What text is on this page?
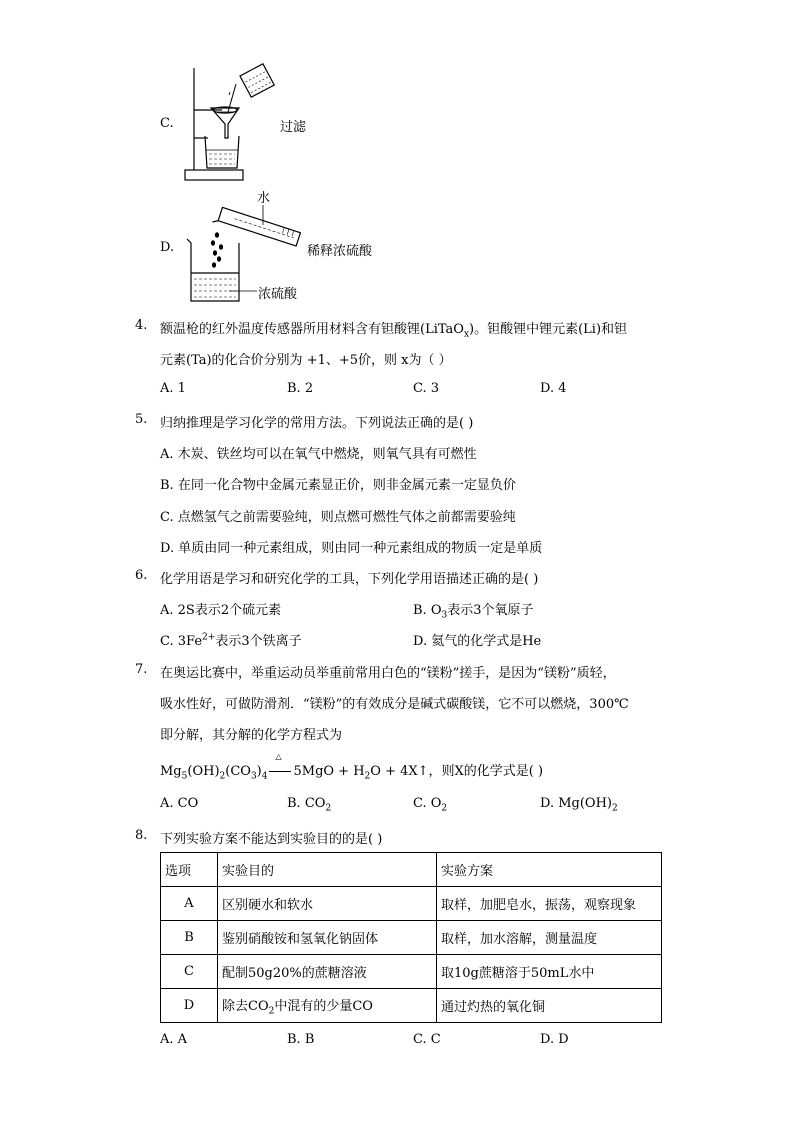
C.	过滤
D.
水
稀释浓硫酸
浓硫酸
4. 额温枪的红外温度传感器所用材料含有钽酸锂(LiTaO$_x$)。钽酸锂中锂元素(Li)和钽
元素(Ta)的化合价分别为 +1、+5价，则 x为（ ）
A. 1	B. 2	C. 3	D. 4
5. 归纳推理是学习化学的常用方法。下列说法正确的是( )
A. 木炭、铁丝均可以在氧气中燃烧，则氧气具有可燃性
B. 在同一化合物中金属元素显正价，则非金属元素一定显负价
C. 点燃氢气之前需要验纯，则点燃可燃性气体之前都需要验纯
D. 单质由同一种元素组成，则由同一种元素组成的物质一定是单质
6. 化学用语是学习和研究化学的工具，下列化学用语描述正确的是( )
A. 2S表示2个硫元素	B. $O_3$表示3个氧原子
C. $3Fe^{2+}$表示3个铁离子	D. 氦气的化学式是He
7. 在奥运比赛中，举重运动员举重前常用白色的“镁粉”搓手，是因为“镁粉”质轻，
吸水性好，可做防滑剂．“镁粉”的有效成分是碱式碳酸镁，它不可以燃烧，300℃
即分解，其分解的化学方程式为
$Mg_5(OH)_2(CO_3)_4$
△
$5MgO + H_2O$ + 4X↑，则X的化学式是( )
A. CO	B. $CO_2$	C. $O_2$	D. $Mg(OH)_2$
8. 下列实验方案不能达到实验目的的是( )
选项	实验目的	实验方案
A	区别硬水和软水	取样，加肥皂水，振荡，观察现象
B	鉴别硝酸铵和氢氧化钠固体	取样，加水溶解，测量温度
C	配制50g20%的蔗糖溶液	取10g蔗糖溶于50mL水中
D	除去$CO_2$中混有的少量CO	通过灼热的氧化铜
A. A	B. B	C. C	D. D
